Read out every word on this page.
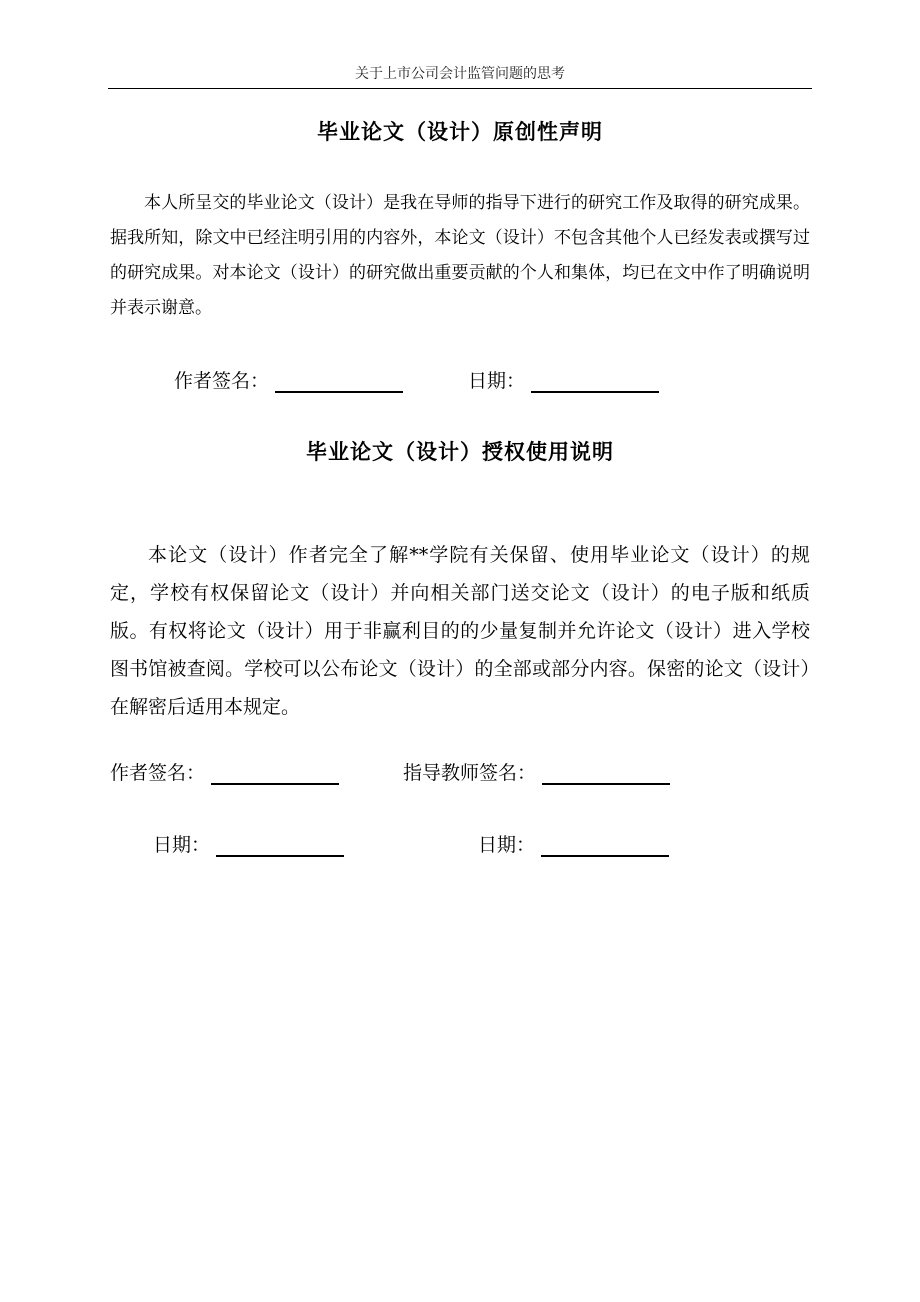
关于上市公司会计监管问题的思考
毕业论文（设计）原创性声明
本人所呈交的毕业论文（设计）是我在导师的指导下进行的研究工作及取得的研究成果。据我所知，除文中已经注明引用的内容外，本论文（设计）不包含其他个人已经发表或撰写过的研究成果。对本论文（设计）的研究做出重要贡献的个人和集体，均已在文中作了明确说明并表示谢意。
作者签名：	日期：
毕业论文（设计）授权使用说明
本论文（设计）作者完全了解**学院有关保留、使用毕业论文（设计）的规定，学校有权保留论文（设计）并向相关部门送交论文（设计）的电子版和纸质版。有权将论文（设计）用于非赢利目的的少量复制并允许论文（设计）进入学校图书馆被查阅。学校可以公布论文（设计）的全部或部分内容。保密的论文（设计）在解密后适用本规定。
作者签名：	指导教师签名：
日期：	日期：
